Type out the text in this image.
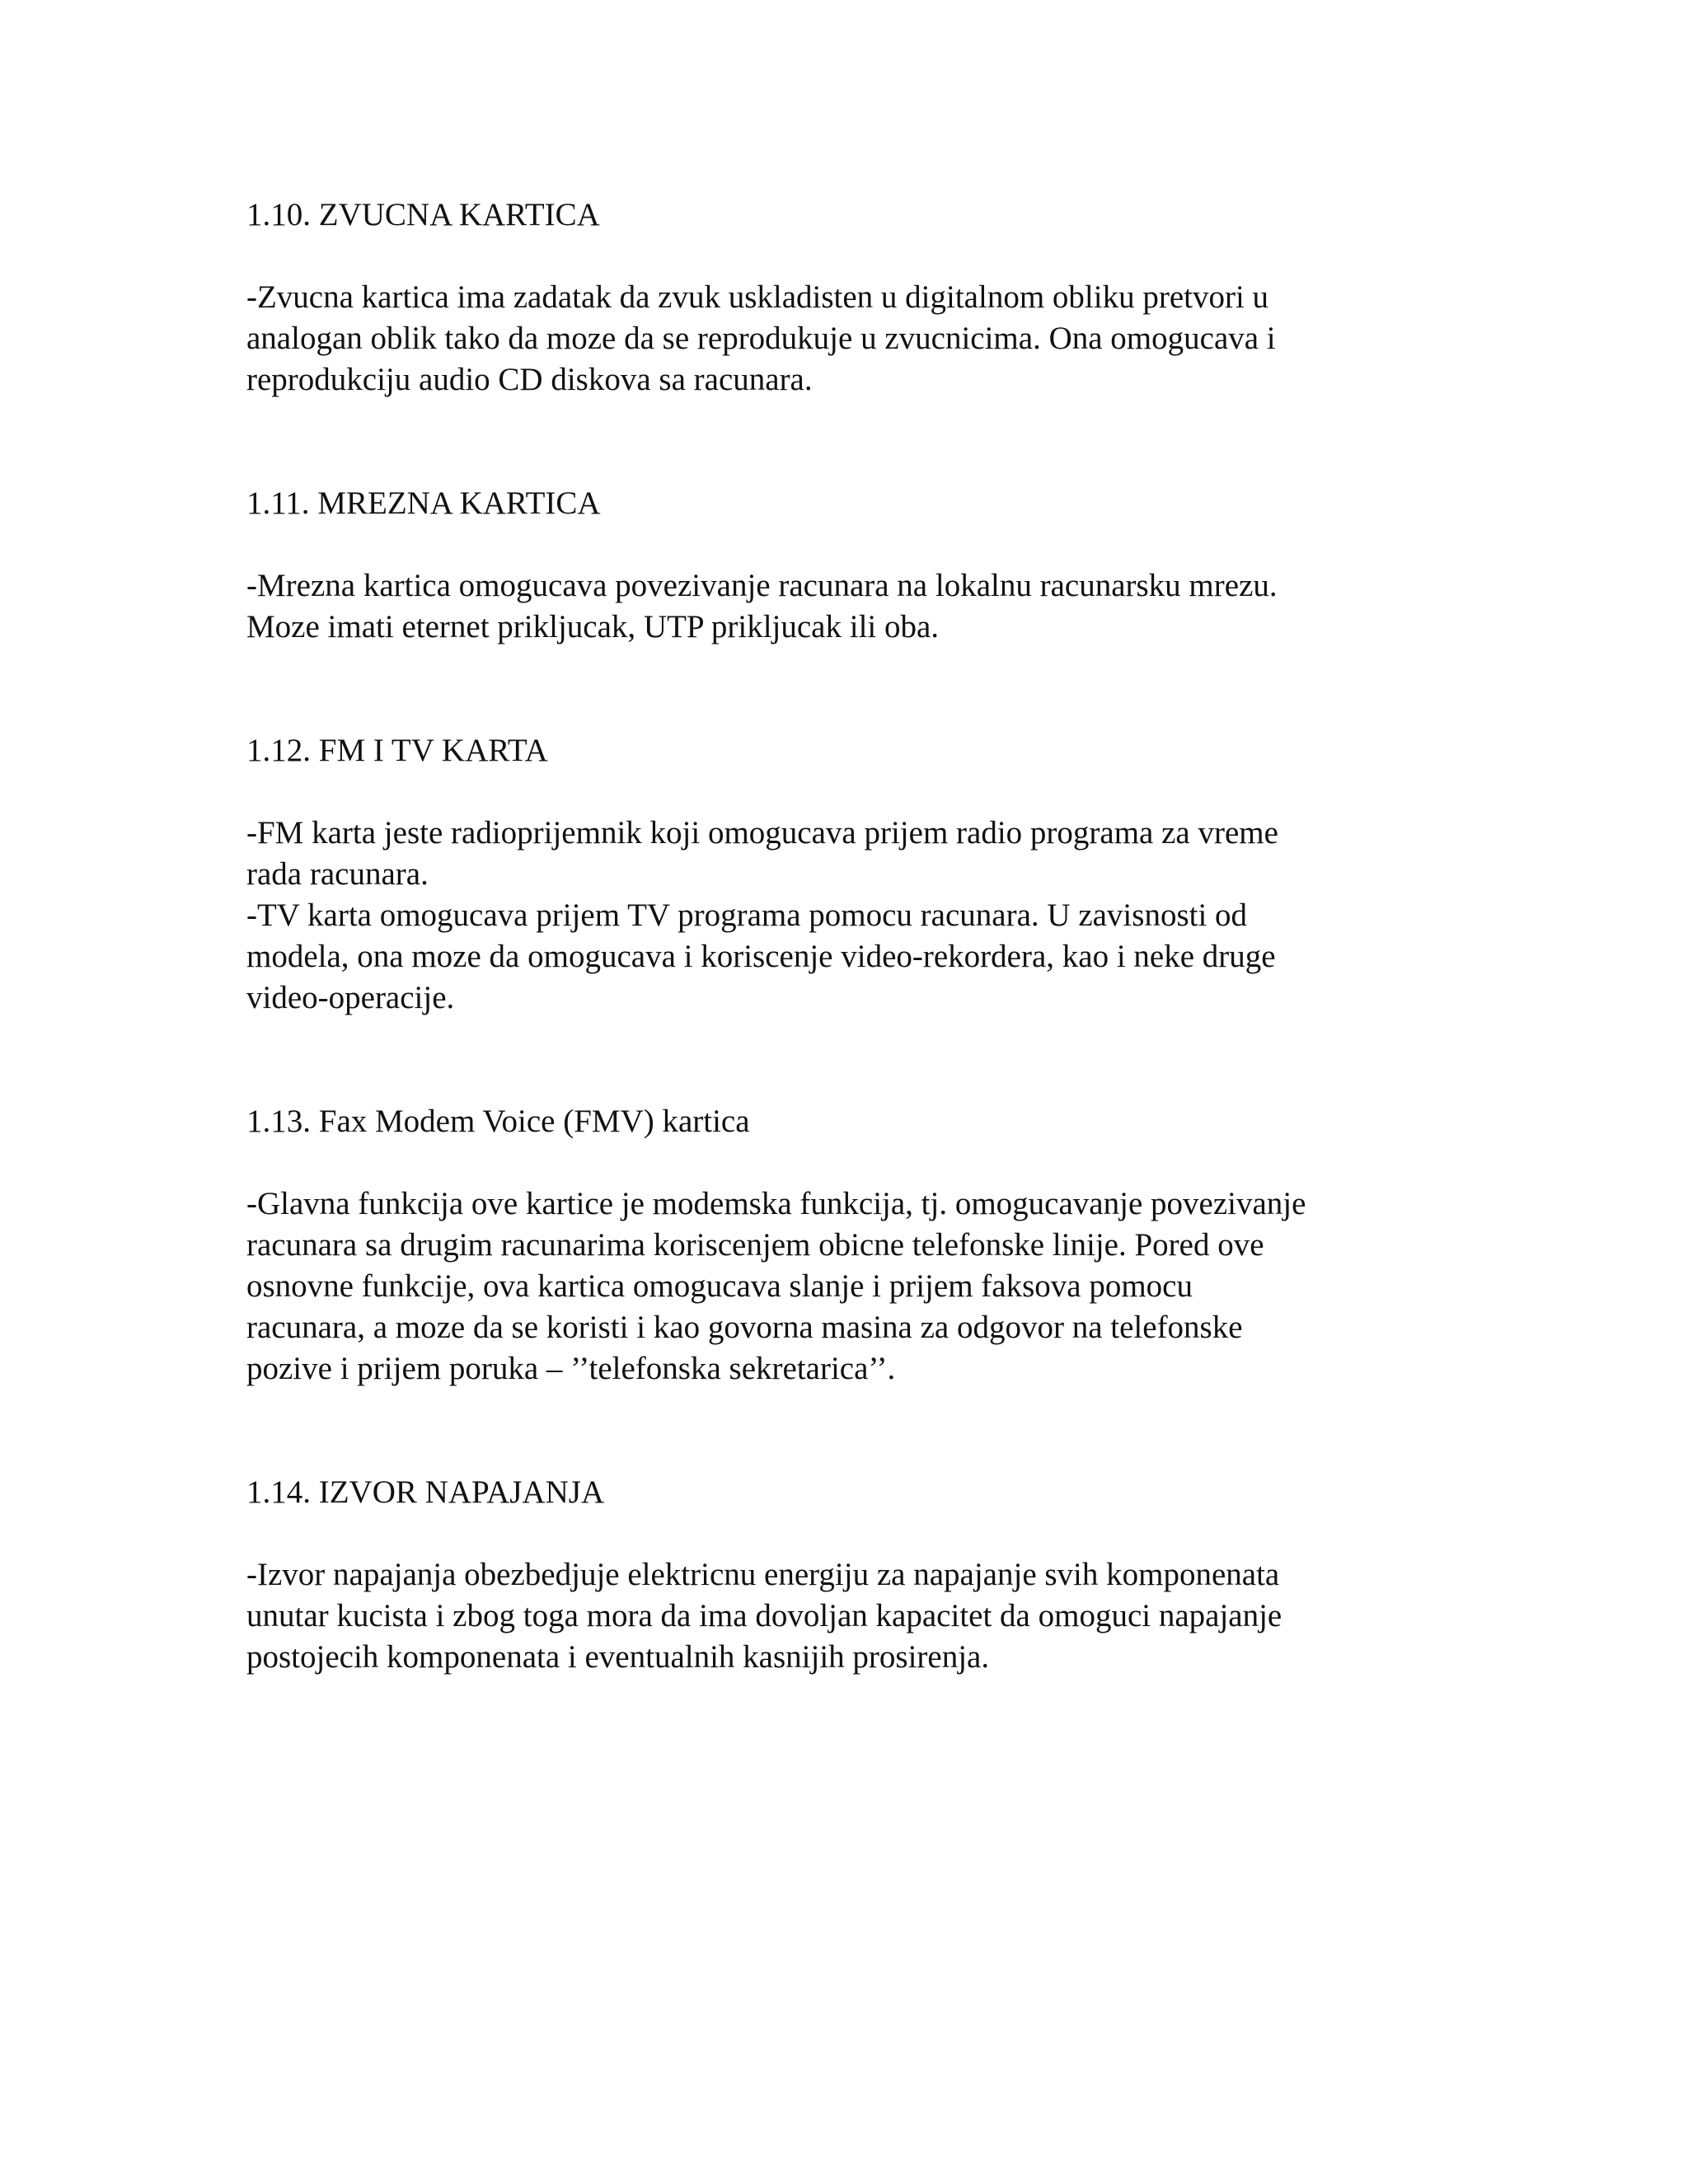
1.10. ZVUCNA KARTICA

-Zvucna kartica ima zadatak da zvuk uskladisten u digitalnom obliku pretvori u

analogan oblik tako da moze da se reprodukuje u zvucnicima. Ona omogucava i

reprodukciju audio CD diskova sa racunara.

1.11. MREZNA KARTICA

-Mrezna kartica omogucava povezivanje racunara na lokalnu racunarsku mrezu.

Moze imati eternet prikljucak, UTP prikljucak ili oba.

1.12. FM I TV KARTA

-FM karta jeste radioprijemnik koji omogucava prijem radio programa za vreme

rada racunara.

-TV karta omogucava prijem TV programa pomocu racunara. U zavisnosti od

modela, ona moze da omogucava i koriscenje video-rekordera, kao i neke druge

video-operacije.

1.13. Fax Modem Voice (FMV) kartica

-Glavna funkcija ove kartice je modemska funkcija, tj. omogucavanje povezivanje

racunara sa drugim racunarima koriscenjem obicne telefonske linije. Pored ove

osnovne funkcije, ova kartica omogucava slanje i prijem faksova pomocu

racunara, a moze da se koristi i kao govorna masina za odgovor na telefonske

pozive i prijem poruka – ’’telefonska sekretarica’’.

1.14. IZVOR NAPAJANJA

-Izvor napajanja obezbedjuje elektricnu energiju za napajanje svih komponenata

unutar kucista i zbog toga mora da ima dovoljan kapacitet da omoguci napajanje

postojecih komponenata i eventualnih kasnijih prosirenja.
